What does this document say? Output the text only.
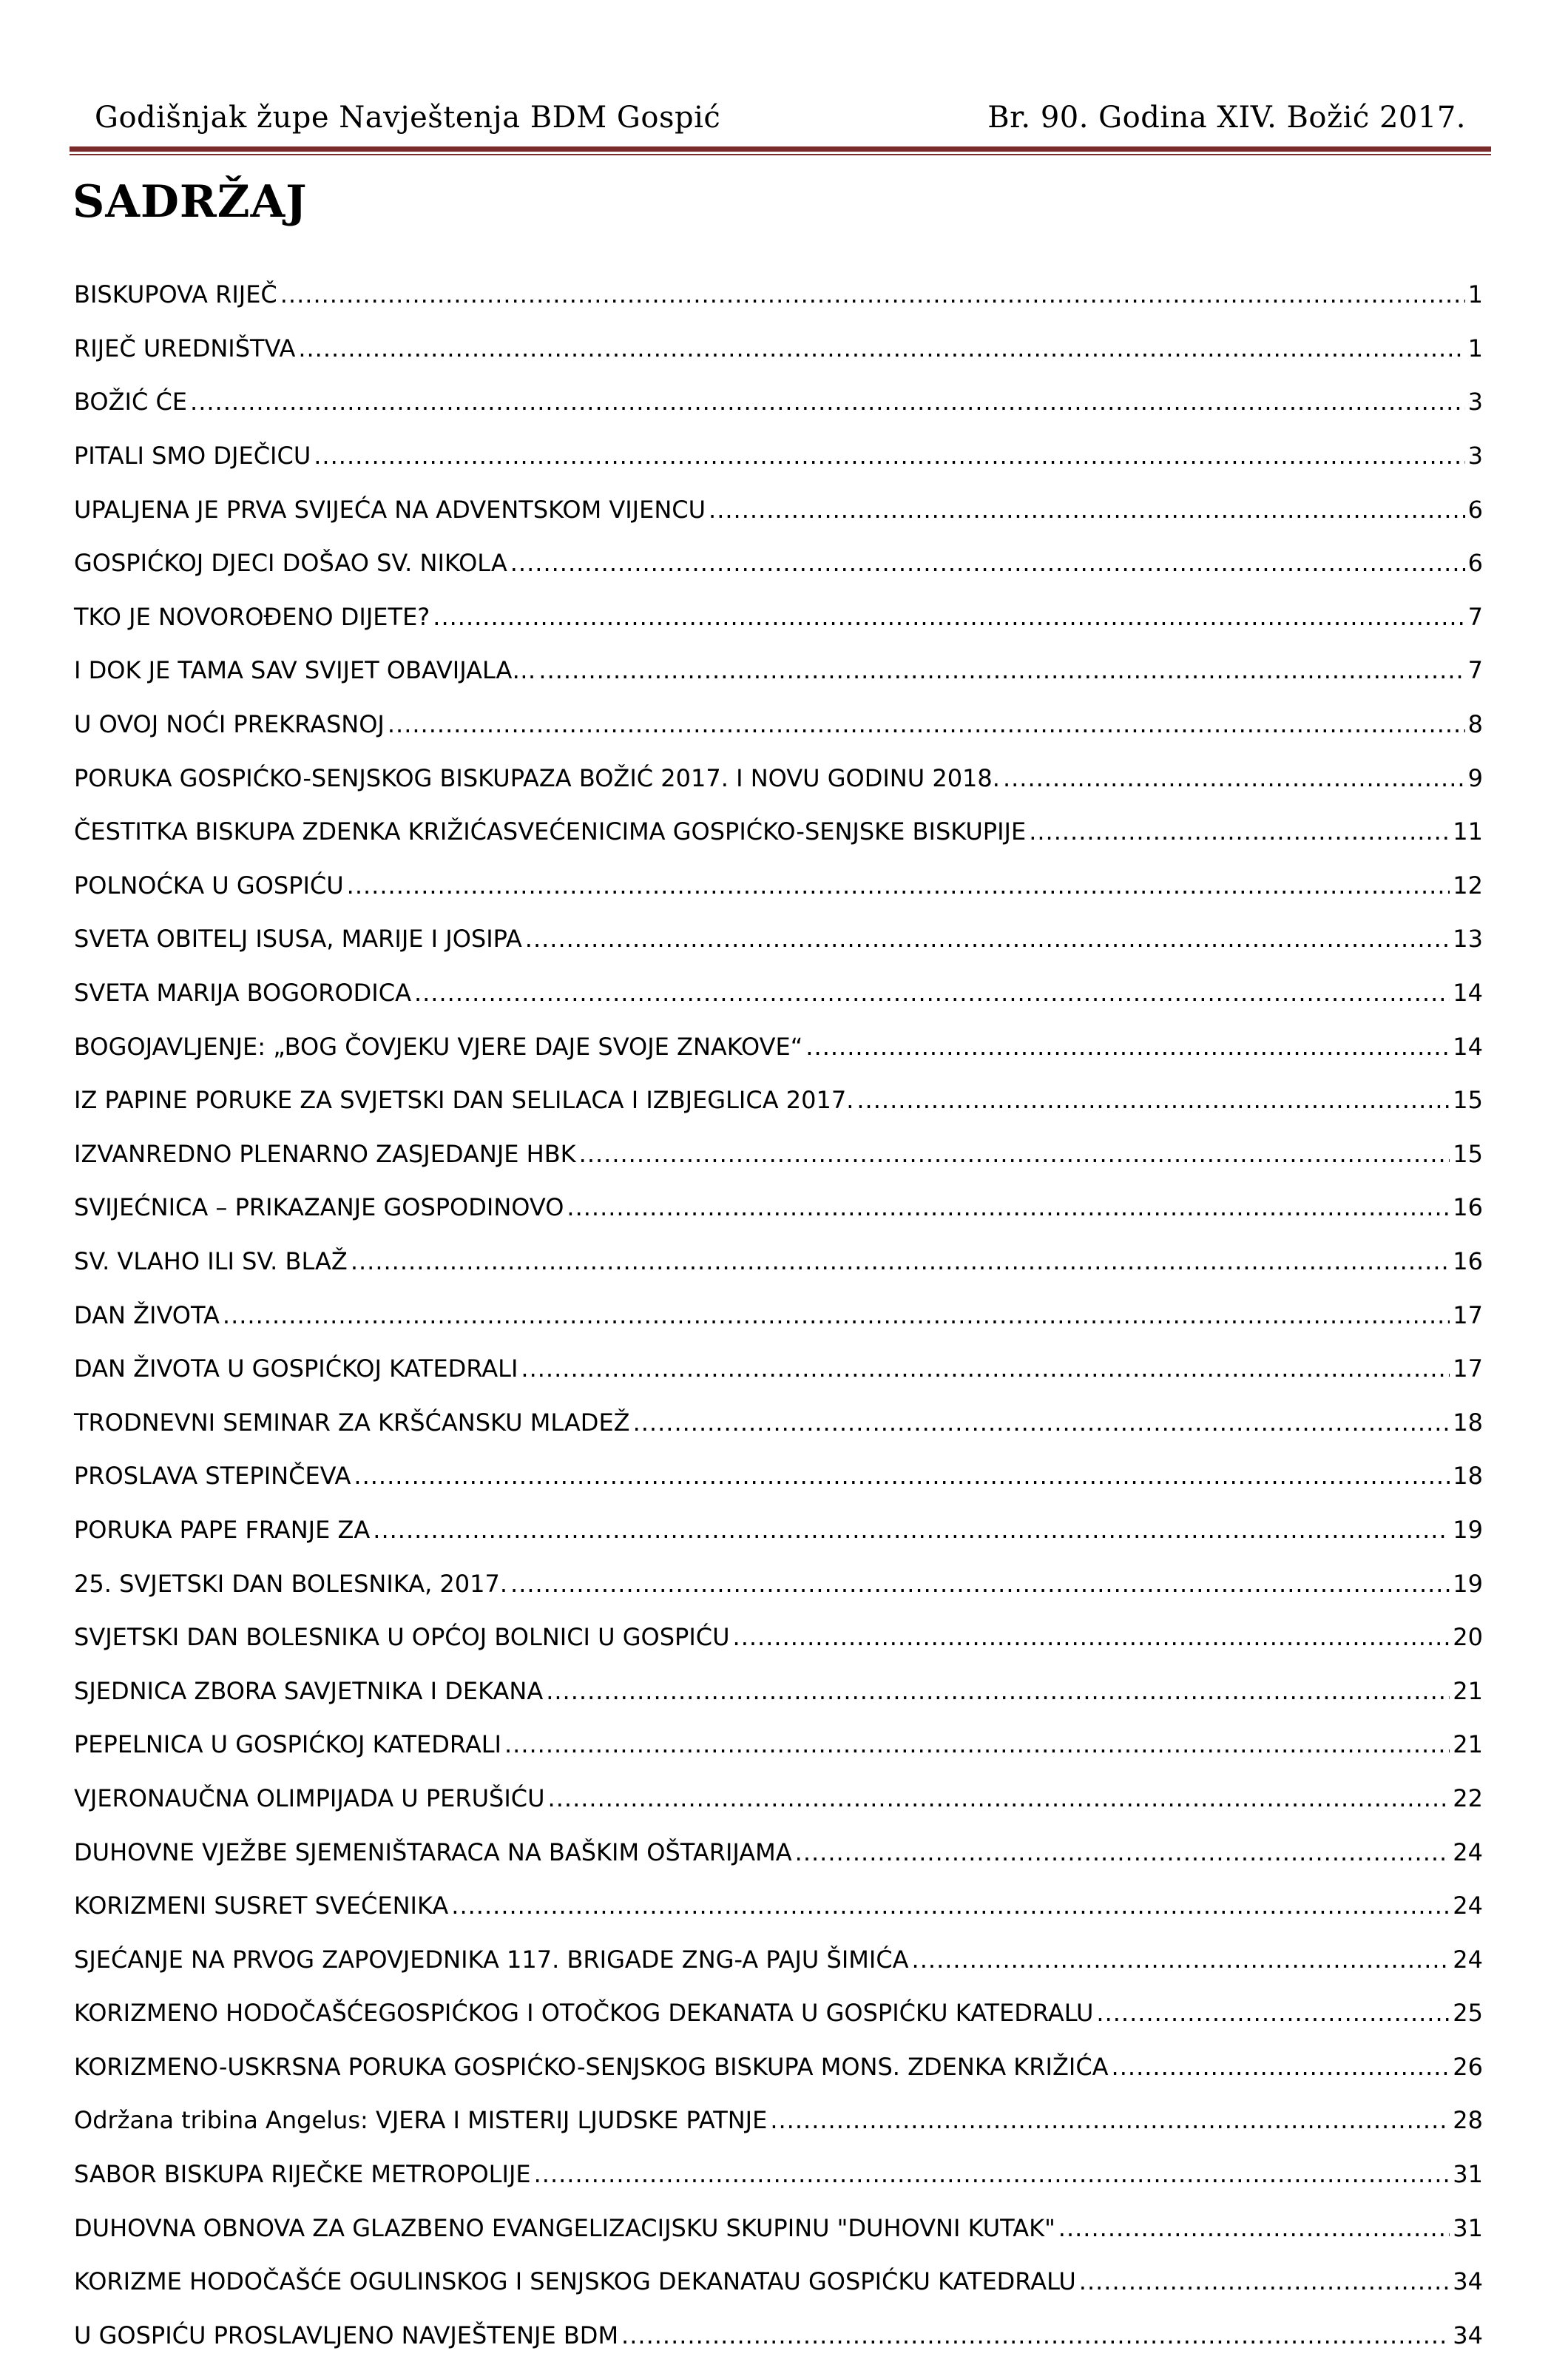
Godišnjak župe Navještenja BDM Gospić	Br. 90. Godina XIV. Božić 2017.
SADRŽAJ
BISKUPOVA RIJEČ .....	1
RIJEČ UREDNIŠTVA .....	1
BOŽIĆ ĆE .....	3
PITALI SMO DJEČICU .....	3
UPALJENA JE PRVA SVIJEĆA NA ADVENTSKOM VIJENCU .....	6
GOSPIĆKOJ DJECI DOŠAO SV. NIKOLA .....	6
TKO JE NOVOROĐENO DIJETE? .....	7
I DOK JE TAMA SAV SVIJET OBAVIJALA… .....	7
U OVOJ NOĆI PREKRASNOJ .....	8
PORUKA GOSPIĆKO-SENJSKOG BISKUPAZA BOŽIĆ 2017. I NOVU GODINU 2018. .....	9
ČESTITKA BISKUPA ZDENKA KRIŽIĆASVEĆENICIMA GOSPIĆKO-SENJSKE BISKUPIJE .....	11
POLNOĆKA U GOSPIĆU .....	12
SVETA OBITELJ ISUSA, MARIJE I JOSIPA .....	13
SVETA MARIJA BOGORODICA .....	14
BOGOJAVLJENJE: „BOG ČOVJEKU VJERE DAJE SVOJE ZNAKOVE“ .....	14
IZ PAPINE PORUKE ZA SVJETSKI DAN SELILACA I IZBJEGLICA 2017. .....	15
IZVANREDNO PLENARNO ZASJEDANJE HBK .....	15
SVIJEĆNICA – PRIKAZANJE GOSPODINOVO .....	16
SV. VLAHO ILI SV. BLAŽ .....	16
DAN ŽIVOTA .....	17
DAN ŽIVOTA U GOSPIĆKOJ KATEDRALI .....	17
TRODNEVNI SEMINAR ZA KRŠĆANSKU MLADEŽ .....	18
PROSLAVA STEPINČEVA .....	18
PORUKA PAPE FRANJE ZA .....	19
25. SVJETSKI DAN BOLESNIKA, 2017. .....	19
SVJETSKI DAN BOLESNIKA U OPĆOJ BOLNICI U GOSPIĆU .....	20
SJEDNICA ZBORA SAVJETNIKA I DEKANA .....	21
PEPELNICA U GOSPIĆKOJ KATEDRALI .....	21
VJERONAUČNA OLIMPIJADA U PERUŠIĆU .....	22
DUHOVNE VJEŽBE SJEMENIŠTARACA NA BAŠKIM OŠTARIJAMA .....	24
KORIZMENI SUSRET SVEĆENIKA .....	24
SJEĆANJE NA PRVOG ZAPOVJEDNIKA 117. BRIGADE ZNG-A PAJU ŠIMIĆA .....	24
KORIZMENO HODOČAŠĆEGOSPIĆKOG I OTOČKOG DEKANATA U GOSPIĆKU KATEDRALU .....	25
KORIZMENO-USKRSNA PORUKA GOSPIĆKO-SENJSKOG BISKUPA MONS. ZDENKA KRIŽIĆA .....	26
Održana tribina Angelus: VJERA I MISTERIJ LJUDSKE PATNJE .....	28
SABOR BISKUPA RIJEČKE METROPOLIJE .....	31
DUHOVNA OBNOVA ZA GLAZBENO EVANGELIZACIJSKU SKUPINU "DUHOVNI KUTAK" .....	31
KORIZME HODOČAŠĆE OGULINSKOG I SENJSKOG DEKANATAU GOSPIĆKU KATEDRALU .....	34
U GOSPIĆU PROSLAVLJENO NAVJEŠTENJE BDM .....	34
